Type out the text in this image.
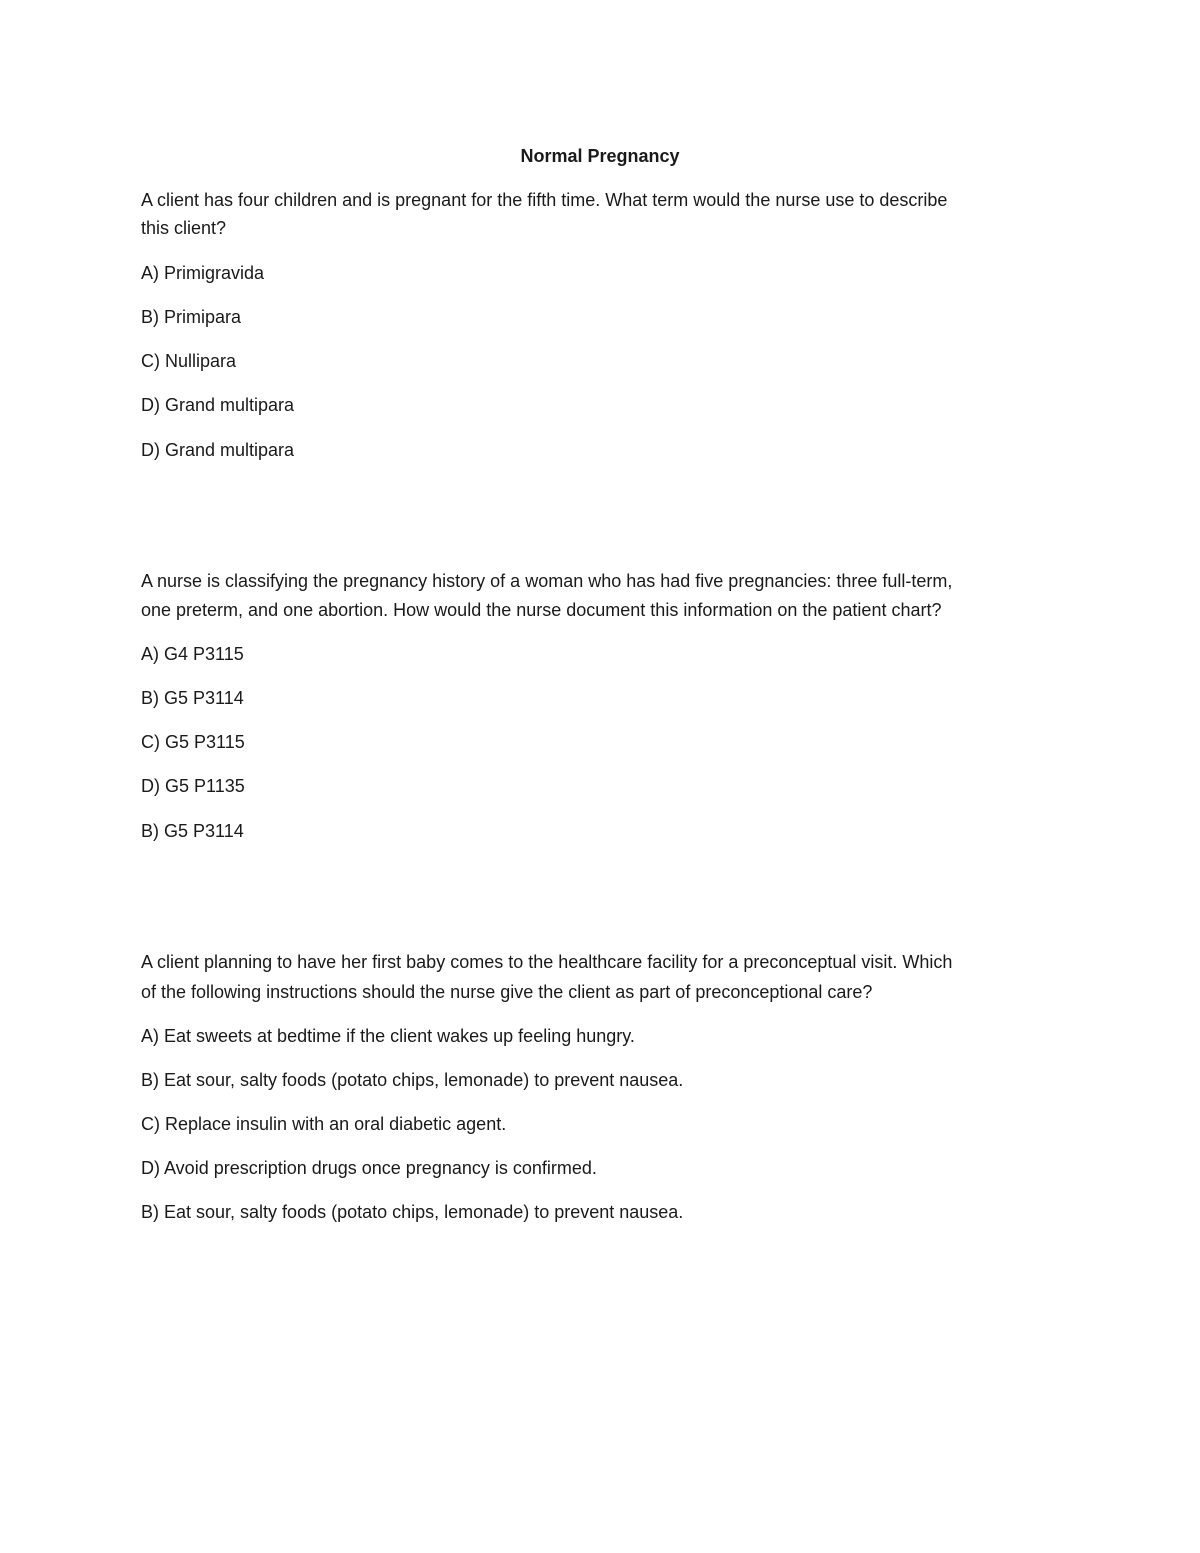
Normal Pregnancy
A client has four children and is pregnant for the fifth time. What term would the nurse use to describe
this client?
A) Primigravida
B) Primipara
C) Nullipara
D) Grand multipara
D) Grand multipara
A nurse is classifying the pregnancy history of a woman who has had five pregnancies: three full-term,
one preterm, and one abortion. How would the nurse document this information on the patient chart?
A) G4 P3115
B) G5 P3114
C) G5 P3115
D) G5 P1135
B) G5 P3114
A client planning to have her first baby comes to the healthcare facility for a preconceptual visit. Which
of the following instructions should the nurse give the client as part of preconceptional care?
A) Eat sweets at bedtime if the client wakes up feeling hungry.
B) Eat sour, salty foods (potato chips, lemonade) to prevent nausea.
C) Replace insulin with an oral diabetic agent.
D) Avoid prescription drugs once pregnancy is confirmed.
B) Eat sour, salty foods (potato chips, lemonade) to prevent nausea.
